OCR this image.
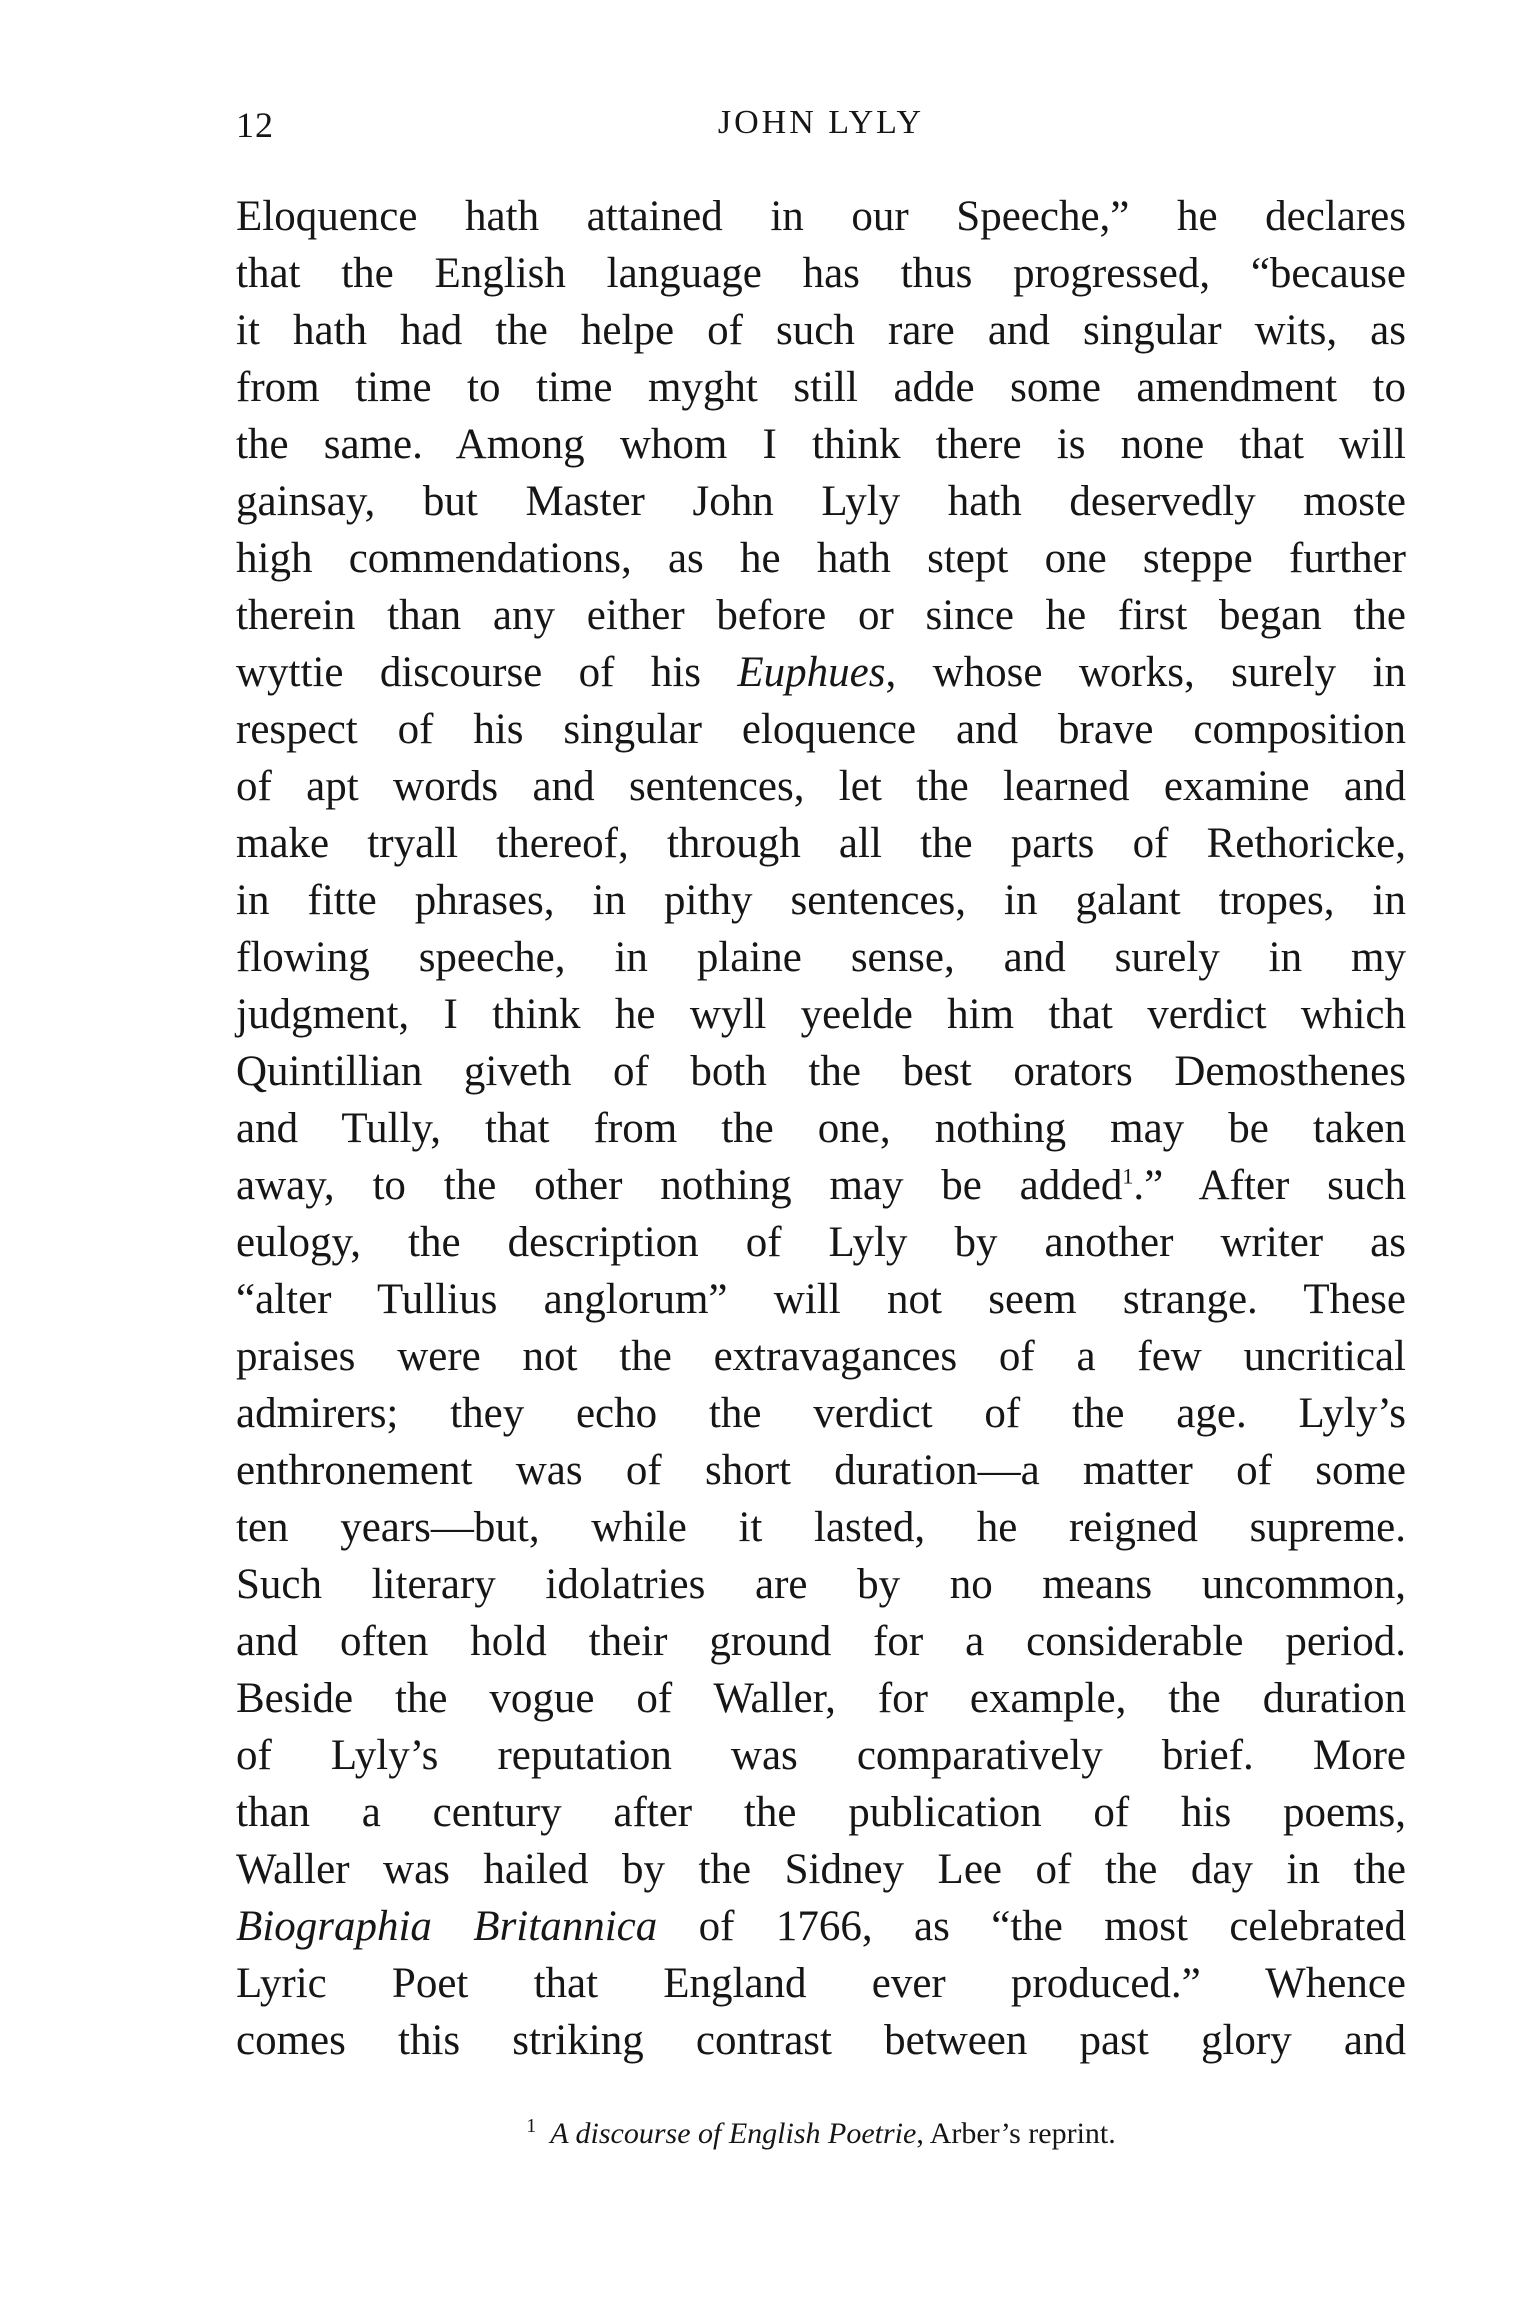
12	JOHN LYLY
Eloquence hath attained in our Speeche,” he declares
that the English language has thus progressed, “because
it hath had the helpe of such rare and singular wits, as
from time to time myght still adde some amendment to
the same. Among whom I think there is none that will
gainsay, but Master John Lyly hath deservedly moste
high commendations, as he hath stept one steppe further
therein than any either before or since he first began the
wyttie discourse of his Euphues, whose works, surely in
respect of his singular eloquence and brave composition
of apt words and sentences, let the learned examine and
make tryall thereof, through all the parts of Rethoricke,
in fitte phrases, in pithy sentences, in galant tropes, in
flowing speeche, in plaine sense, and surely in my
judgment, I think he wyll yeelde him that verdict which
Quintillian giveth of both the best orators Demosthenes
and Tully, that from the one, nothing may be taken
away, to the other nothing may be added$^1$.” After such
eulogy, the description of Lyly by another writer as
“alter Tullius anglorum” will not seem strange. These
praises were not the extravagances of a few uncritical
admirers; they echo the verdict of the age. Lyly’s
enthronement was of short duration—a matter of some
ten years—but, while it lasted, he reigned supreme.
Such literary idolatries are by no means uncommon,
and often hold their ground for a considerable period.
Beside the vogue of Waller, for example, the duration
of Lyly’s reputation was comparatively brief. More
than a century after the publication of his poems,
Waller was hailed by the Sidney Lee of the day in the
Biographia Britannica of 1766, as “the most celebrated
Lyric Poet that England ever produced.” Whence
comes this striking contrast between past glory and
$^1$ A discourse of English Poetrie, Arber’s reprint.
